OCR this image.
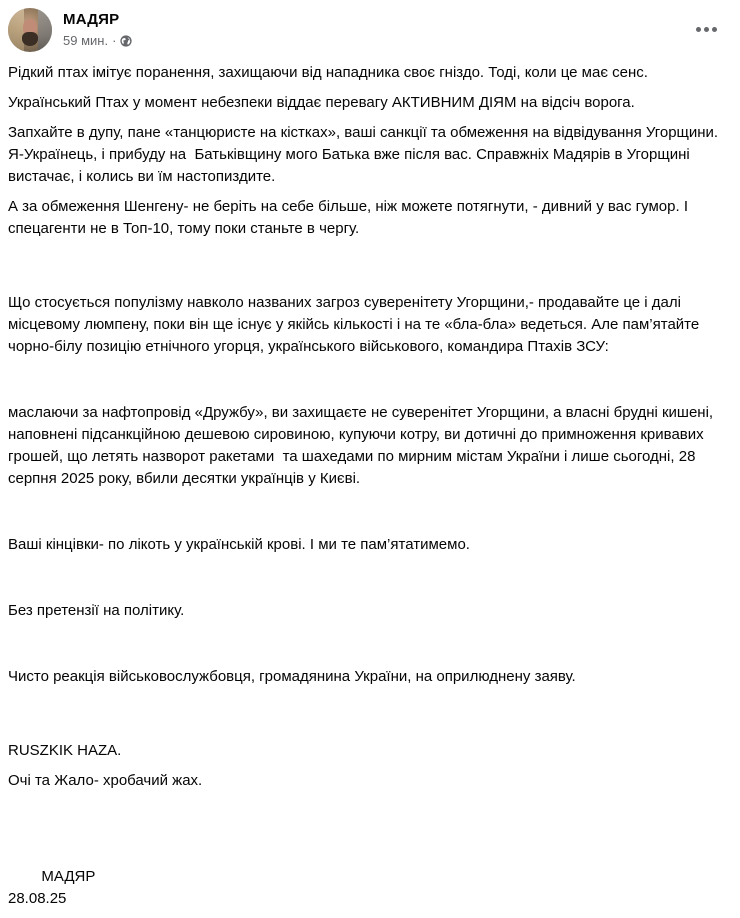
МАДЯР
59 мин. ·

Рідкий птах імітує поранення, захищаючи від нападника своє гніздо. Тоді, коли це має сенс.

Український Птах у момент небезпеки віддає перевагу АКТИВНИМ ДІЯМ на відсіч ворога.

Запхайте в дупу, пане «танцюристе на кістках», ваші санкції та обмеження на відвідування Угорщини. Я-Українець, і прибуду на  Батьківщину мого Батька вже після вас. Справжніх Мадярів в Угорщині вистачає, і колись ви їм настопиздите.

А за обмеження Шенгену- не беріть на себе більше, ніж можете потягнути, - дивний у вас гумор. І спецагенти не в Топ-10, тому поки станьте в чергу.

Що стосується популізму навколо названих загроз суверенітету Угорщини,- продавайте це і далі місцевому люмпену, поки він ще існує у якійсь кількості і на те «бла-бла» ведеться. Але пам’ятайте чорно-білу позицію етнічного угорця, українського військового, командира Птахів ЗСУ:

маслаючи за нафтопровід «Дружбу», ви захищаєте не суверенітет Угорщини, а власні брудні кишені, наповнені підсанкційною дешевою сировиною, купуючи котру, ви дотичні до примноження кривавих грошей, що летять назворот ракетами  та шахедами по мирним містам України і лише сьогодні, 28 серпня 2025 року, вбили десятки українців у Києві.

Ваші кінцівки- по лікоть у українській крові. І ми те пам’ятатимемо.

Без претензії на політику.

Чисто реакція військовослужбовця, громадянина України, на оприлюднену заяву.

RUSZKIK HAZA.

Очі та Жало- хробачий жах.

МАДЯР

28.08.25
